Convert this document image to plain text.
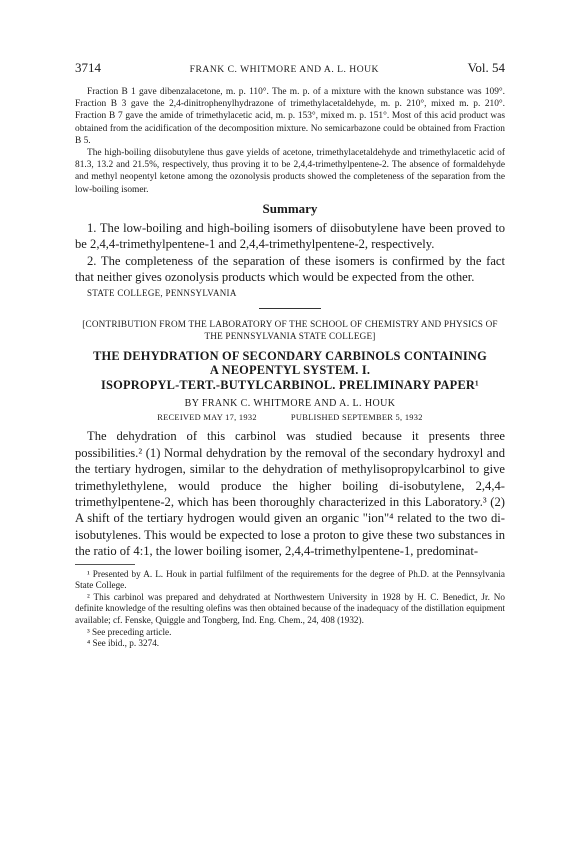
3714	FRANK C. WHITMORE AND A. L. HOUK	Vol. 54

Fraction B 1 gave dibenzalacetone, m. p. 110°. The m. p. of a mixture with the known substance was 109°. Fraction B 3 gave the 2,4-dinitrophenylhydrazone of trimethylacetaldehyde, m. p. 210°, mixed m. p. 210°. Fraction B 7 gave the amide of trimethylacetic acid, m. p. 153°, mixed m. p. 151°. Most of this acid product was obtained from the acidification of the decomposition mixture. No semicarbazone could be obtained from Fraction B 5.

The high-boiling diisobutylene thus gave yields of acetone, trimethylacetaldehyde and trimethylacetic acid of 81.3, 13.2 and 21.5%, respectively, thus proving it to be 2,4,4-trimethylpentene-2. The absence of formaldehyde and methyl neopentyl ketone among the ozonolysis products showed the completeness of the separation from the low-boiling isomer.

Summary

1. The low-boiling and high-boiling isomers of diisobutylene have been proved to be 2,4,4-trimethylpentene-1 and 2,4,4-trimethylpentene-2, respectively.

2. The completeness of the separation of these isomers is confirmed by the fact that neither gives ozonolysis products which would be expected from the other.

STATE COLLEGE, PENNSYLVANIA
[CONTRIBUTION FROM THE LABORATORY OF THE SCHOOL OF CHEMISTRY AND PHYSICS OF THE PENNSYLVANIA STATE COLLEGE]
THE DEHYDRATION OF SECONDARY CARBINOLS CONTAINING
A NEOPENTYL SYSTEM. I.
ISOPROPYL-TERT.-BUTYLCARBINOL. PRELIMINARY PAPER¹
BY FRANK C. WHITMORE AND A. L. HOUK
RECEIVED MAY 17, 1932	PUBLISHED SEPTEMBER 5, 1932

The dehydration of this carbinol was studied because it presents three possibilities.² (1) Normal dehydration by the removal of the secondary hydroxyl and the tertiary hydrogen, similar to the dehydration of methylisopropylcarbinol to give trimethylethylene, would produce the higher boiling di-isobutylene, 2,4,4-trimethylpentene-2, which has been thoroughly characterized in this Laboratory.³ (2) A shift of the tertiary hydrogen would given an organic "ion"⁴ related to the two di-isobutylenes. This would be expected to lose a proton to give these two substances in the ratio of 4:1, the lower boiling isomer, 2,4,4-trimethylpentene-1, predominat-

¹ Presented by A. L. Houk in partial fulfilment of the requirements for the degree of Ph.D. at the Pennsylvania State College.

² This carbinol was prepared and dehydrated at Northwestern University in 1928 by H. C. Benedict, Jr. No definite knowledge of the resulting olefins was then obtained because of the inadequacy of the distillation equipment available; cf. Fenske, Quiggle and Tongberg, Ind. Eng. Chem., 24, 408 (1932).

³ See preceding article.

⁴ See ibid., p. 3274.
